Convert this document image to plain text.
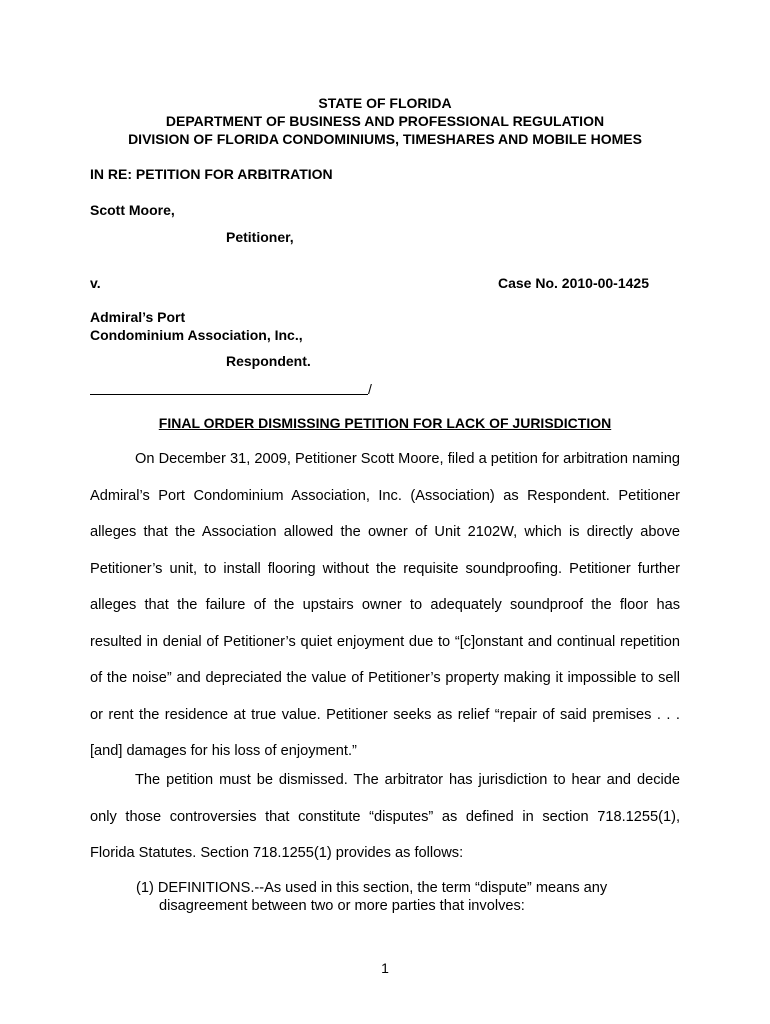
STATE OF FLORIDA
DEPARTMENT OF BUSINESS AND PROFESSIONAL REGULATION
DIVISION OF FLORIDA CONDOMINIUMS, TIMESHARES AND MOBILE HOMES
IN RE: PETITION FOR ARBITRATION
Scott Moore,
Petitioner,
v.	Case No. 2010-00-1425
Admiral’s Port
Condominium Association, Inc.,
Respondent.
/
FINAL ORDER DISMISSING PETITION FOR LACK OF JURISDICTION

On December 31, 2009, Petitioner Scott Moore, filed a petition for arbitration naming Admiral’s Port Condominium Association, Inc. (Association) as Respondent. Petitioner alleges that the Association allowed the owner of Unit 2102W, which is directly above Petitioner’s unit, to install flooring without the requisite soundproofing. Petitioner further alleges that the failure of the upstairs owner to adequately soundproof the floor has resulted in denial of Petitioner’s quiet enjoyment due to “[c]onstant and continual repetition of the noise” and depreciated the value of Petitioner’s property making it impossible to sell or rent the residence at true value. Petitioner seeks as relief “repair of said premises . . . [and] damages for his loss of enjoyment.”

The petition must be dismissed. The arbitrator has jurisdiction to hear and decide only those controversies that constitute “disputes” as defined in section 718.1255(1), Florida Statutes. Section 718.1255(1) provides as follows:

(1) DEFINITIONS.--As used in this section, the term “dispute” means any
disagreement between two or more parties that involves:
1
